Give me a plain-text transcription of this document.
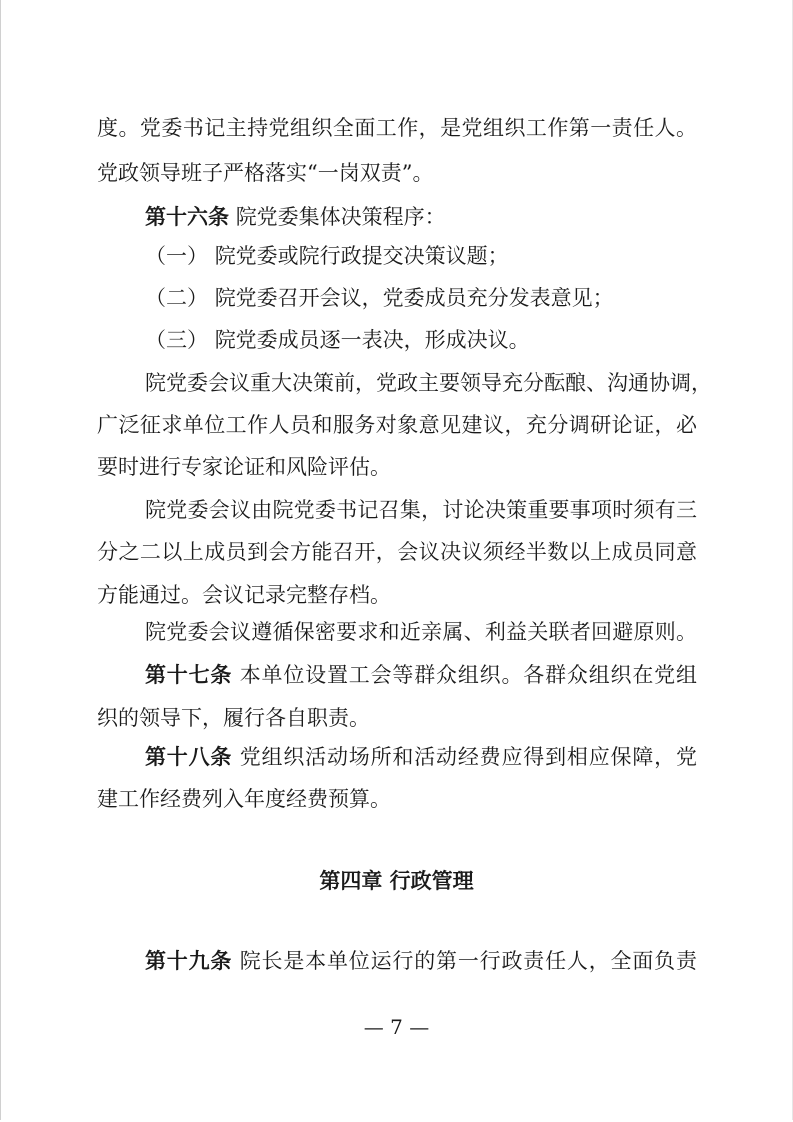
度。党委书记主持党组织全面工作，是党组织工作第一责任人。
党政领导班子严格落实“一岗双责”。
第十六条 院党委集体决策程序：
（一） 院党委或院行政提交决策议题；
（二） 院党委召开会议，党委成员充分发表意见；
（三） 院党委成员逐一表决，形成决议。
院党委会议重大决策前，党政主要领导充分酝酿、沟通协调，
广泛征求单位工作人员和服务对象意见建议，充分调研论证，必
要时进行专家论证和风险评估。
院党委会议由院党委书记召集，讨论决策重要事项时须有三
分之二以上成员到会方能召开，会议决议须经半数以上成员同意
方能通过。会议记录完整存档。
院党委会议遵循保密要求和近亲属、利益关联者回避原则。
第十七条 本单位设置工会等群众组织。各群众组织在党组
织的领导下，履行各自职责。
第十八条 党组织活动场所和活动经费应得到相应保障，党
建工作经费列入年度经费预算。
第四章 行政管理
第十九条 院长是本单位运行的第一行政责任人，全面负责
— 7 —
